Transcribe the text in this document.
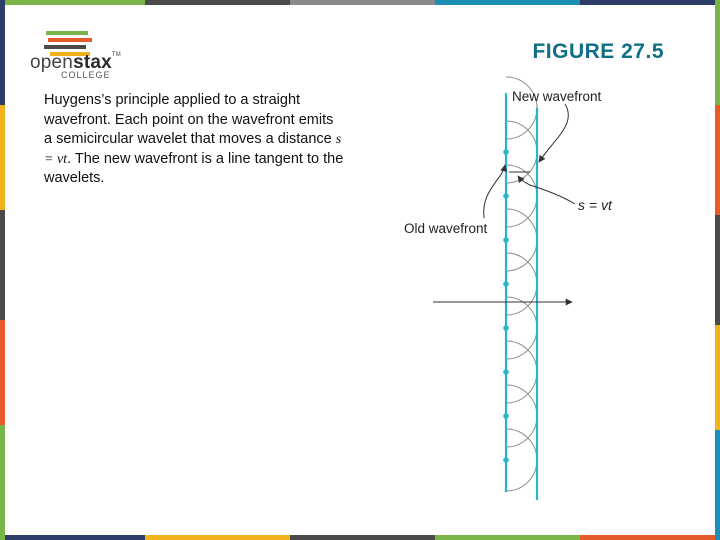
openstax™
COLLEGE
FIGURE 27.5
Huygens’s principle applied to a straight wavefront. Each point on the wavefront emits a semicircular wavelet that moves a distance s = vt. The new wavefront is a line tangent to the wavelets.
New wavefront
Old wavefront
s = vt
